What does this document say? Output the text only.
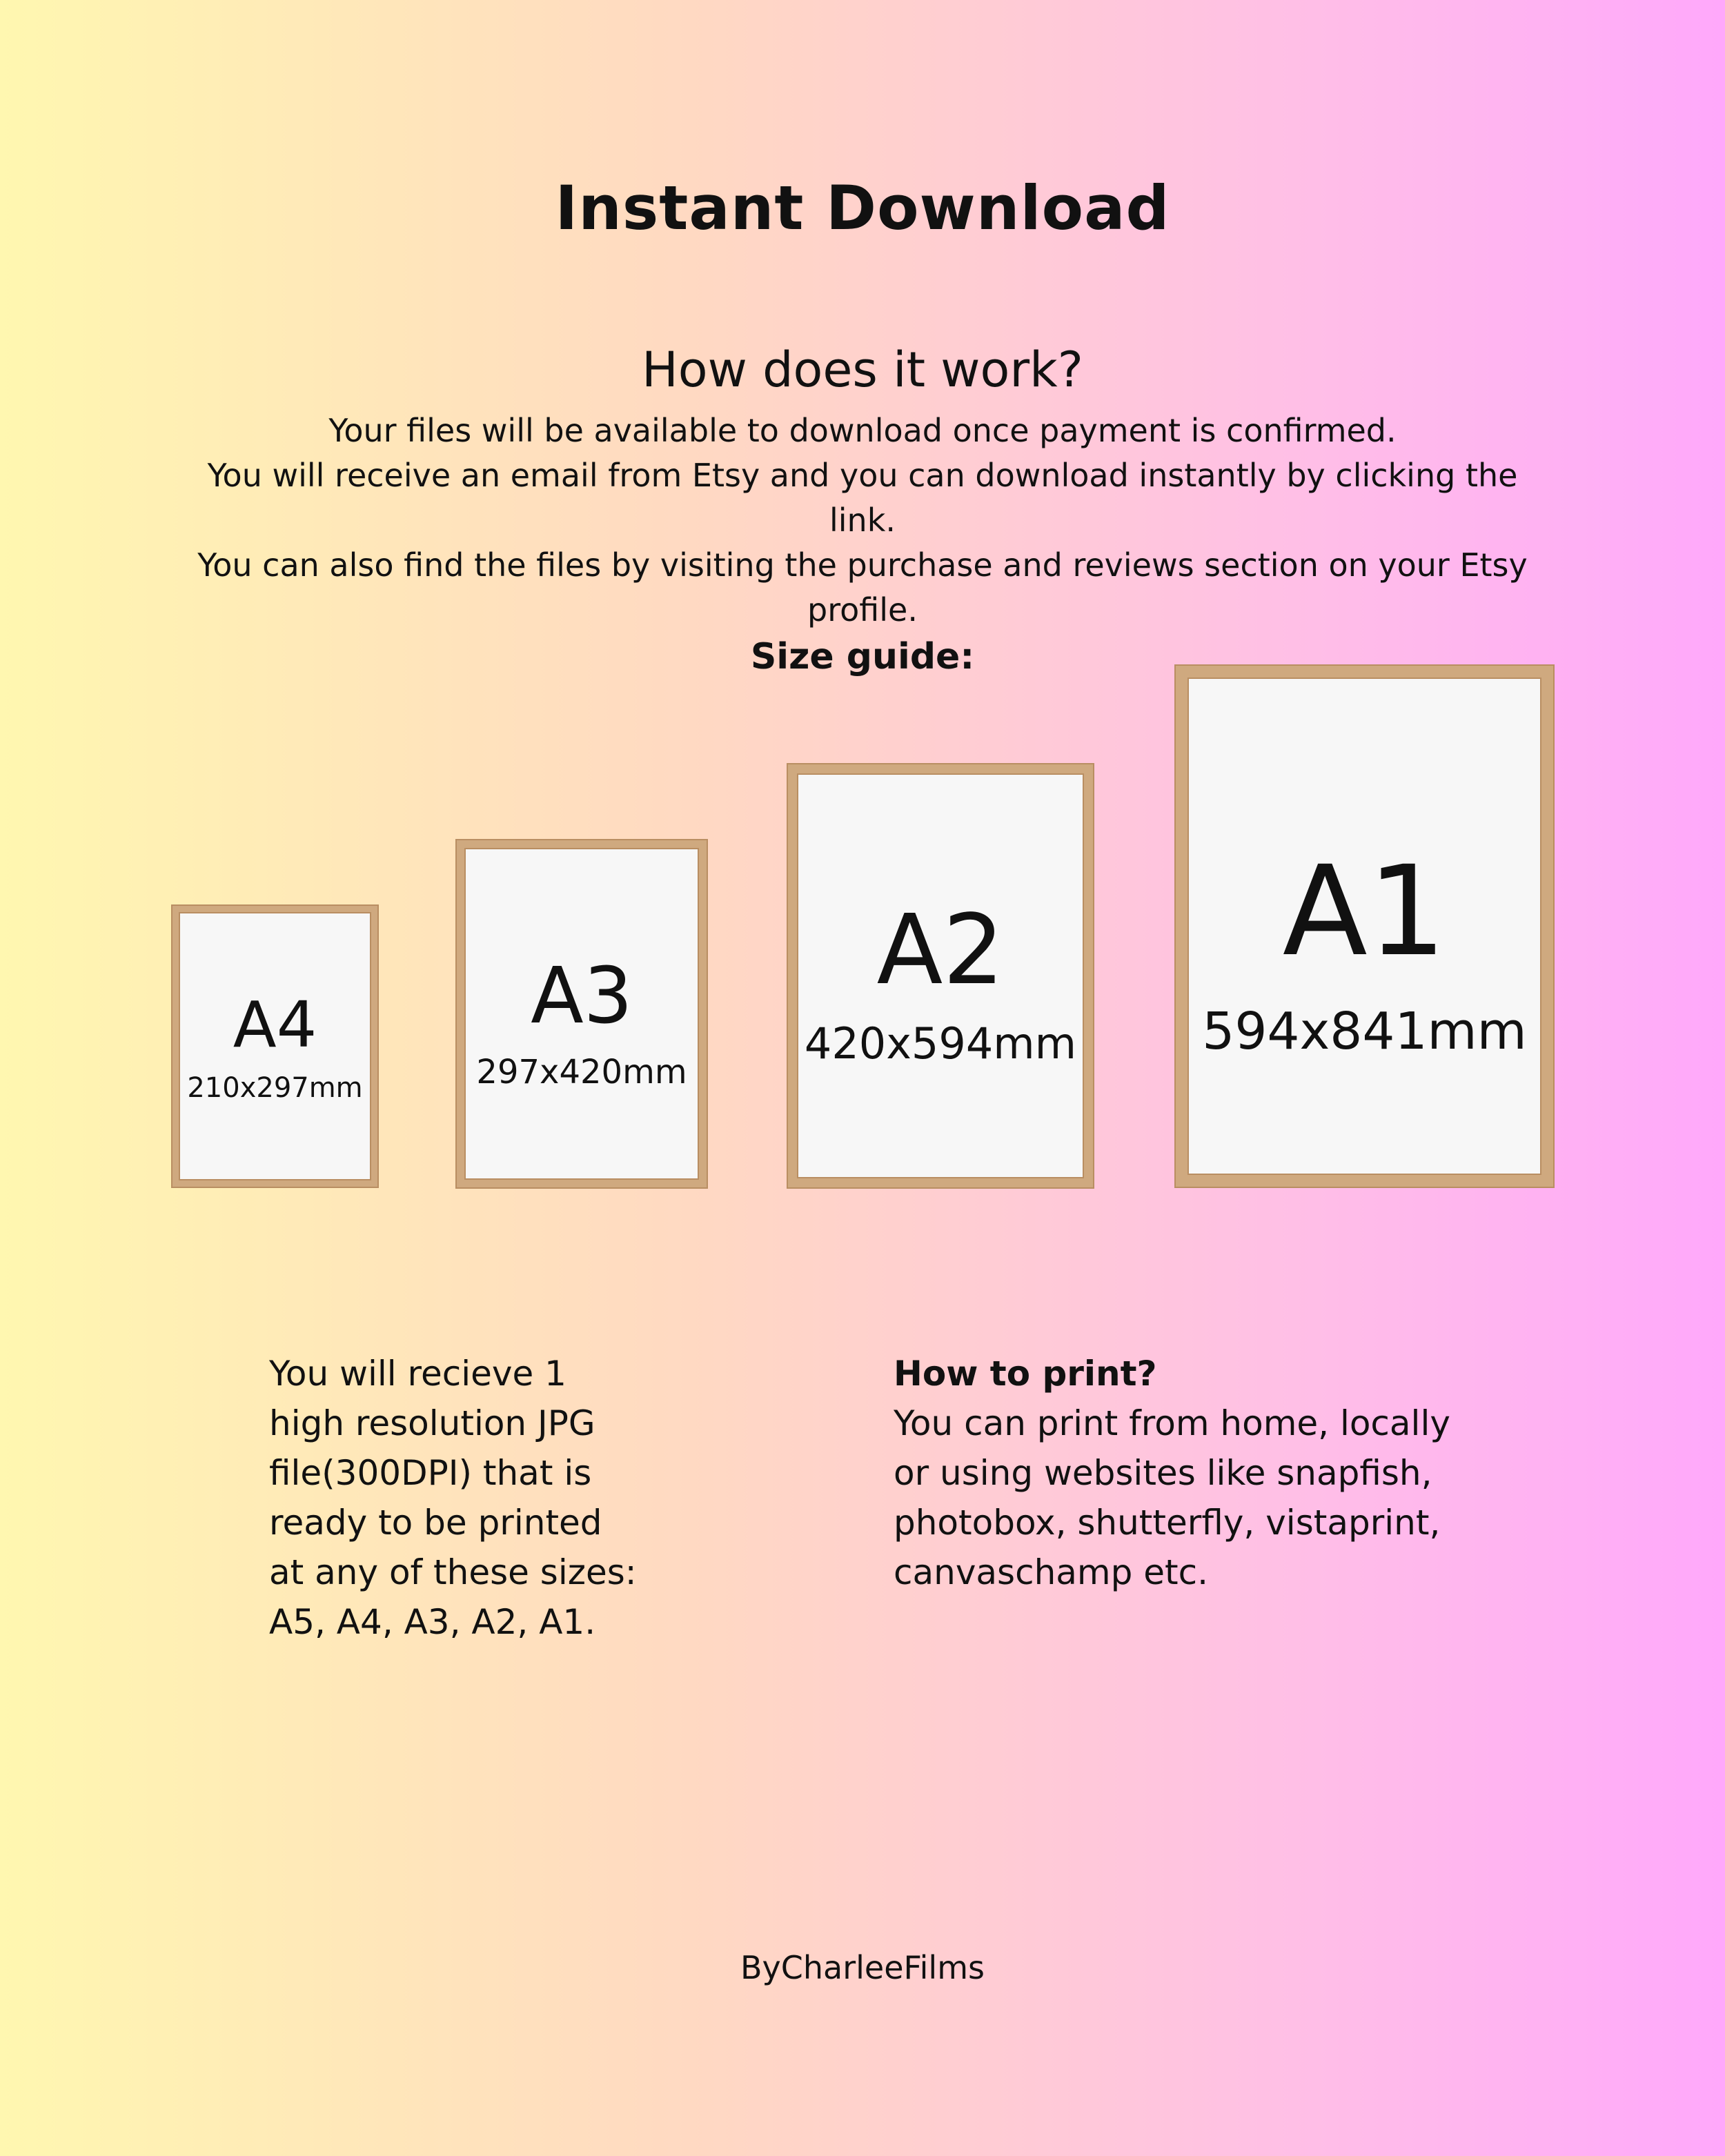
Instant Download
How does it work?
Your files will be available to download once payment is confirmed.
You will receive an email from Etsy and you can download instantly by clicking the link.
You can also find the files by visiting the purchase and reviews section on your Etsy
profile.
Size guide:
A4
210x297mm
A3
297x420mm
A2
420x594mm
A1
594x841mm
You will recieve 1
high resolution JPG
file(300DPI) that is
ready to be printed
at any of these sizes:
A5, A4, A3, A2, A1.
How to print?
You can print from home, locally
or using websites like snapfish,
photobox, shutterfly, vistaprint,
canvaschamp etc.
ByCharleeFilms
